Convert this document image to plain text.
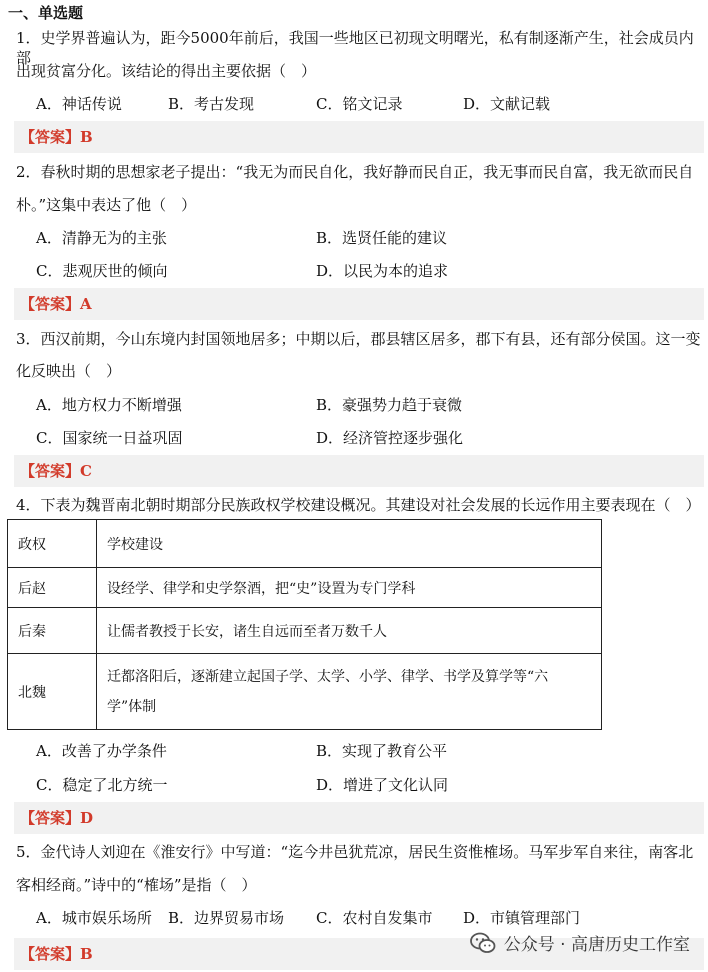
一、单选题
1．史学界普遍认为，距今5000年前后，我国一些地区已初现文明曙光，私有制逐渐产生，社会成员内部
出现贫富分化。该结论的得出主要依据（　）
A．神话传说	B．考古发现	C．铭文记录	D．文献记载
【答案】B
2．春秋时期的思想家老子提出：“我无为而民自化，我好静而民自正，我无事而民自富，我无欲而民自
朴。”这集中表达了他（　）
A．清静无为的主张	B．选贤任能的建议
C．悲观厌世的倾向	D．以民为本的追求
【答案】A
3．西汉前期，今山东境内封国领地居多；中期以后，郡县辖区居多，郡下有县，还有部分侯国。这一变
化反映出（　）
A．地方权力不断增强	B．豪强势力趋于衰微
C．国家统一日益巩固	D．经济管控逐步强化
【答案】C
4．下表为魏晋南北朝时期部分民族政权学校建设概况。其建设对社会发展的长远作用主要表现在（　）
政权	学校建设
后赵	设经学、律学和史学祭酒，把“史”设置为专门学科
后秦	让儒者教授于长安，诸生自远而至者万数千人
北魏	迁都洛阳后，逐渐建立起国子学、太学、小学、律学、书学及算学等“六
学”体制
A．改善了办学条件	B．实现了教育公平
C．稳定了北方统一	D．增进了文化认同
【答案】D
5．金代诗人刘迎在《淮安行》中写道：“迄今井邑犹荒凉，居民生资惟榷场。马军步军自来往，南客北
客相经商。”诗中的“榷场”是指（　）
A．城市娱乐场所 B．边界贸易市场 C．农村自发集市 D．市镇管理部门
【答案】B	公众号 · 高唐历史工作室
